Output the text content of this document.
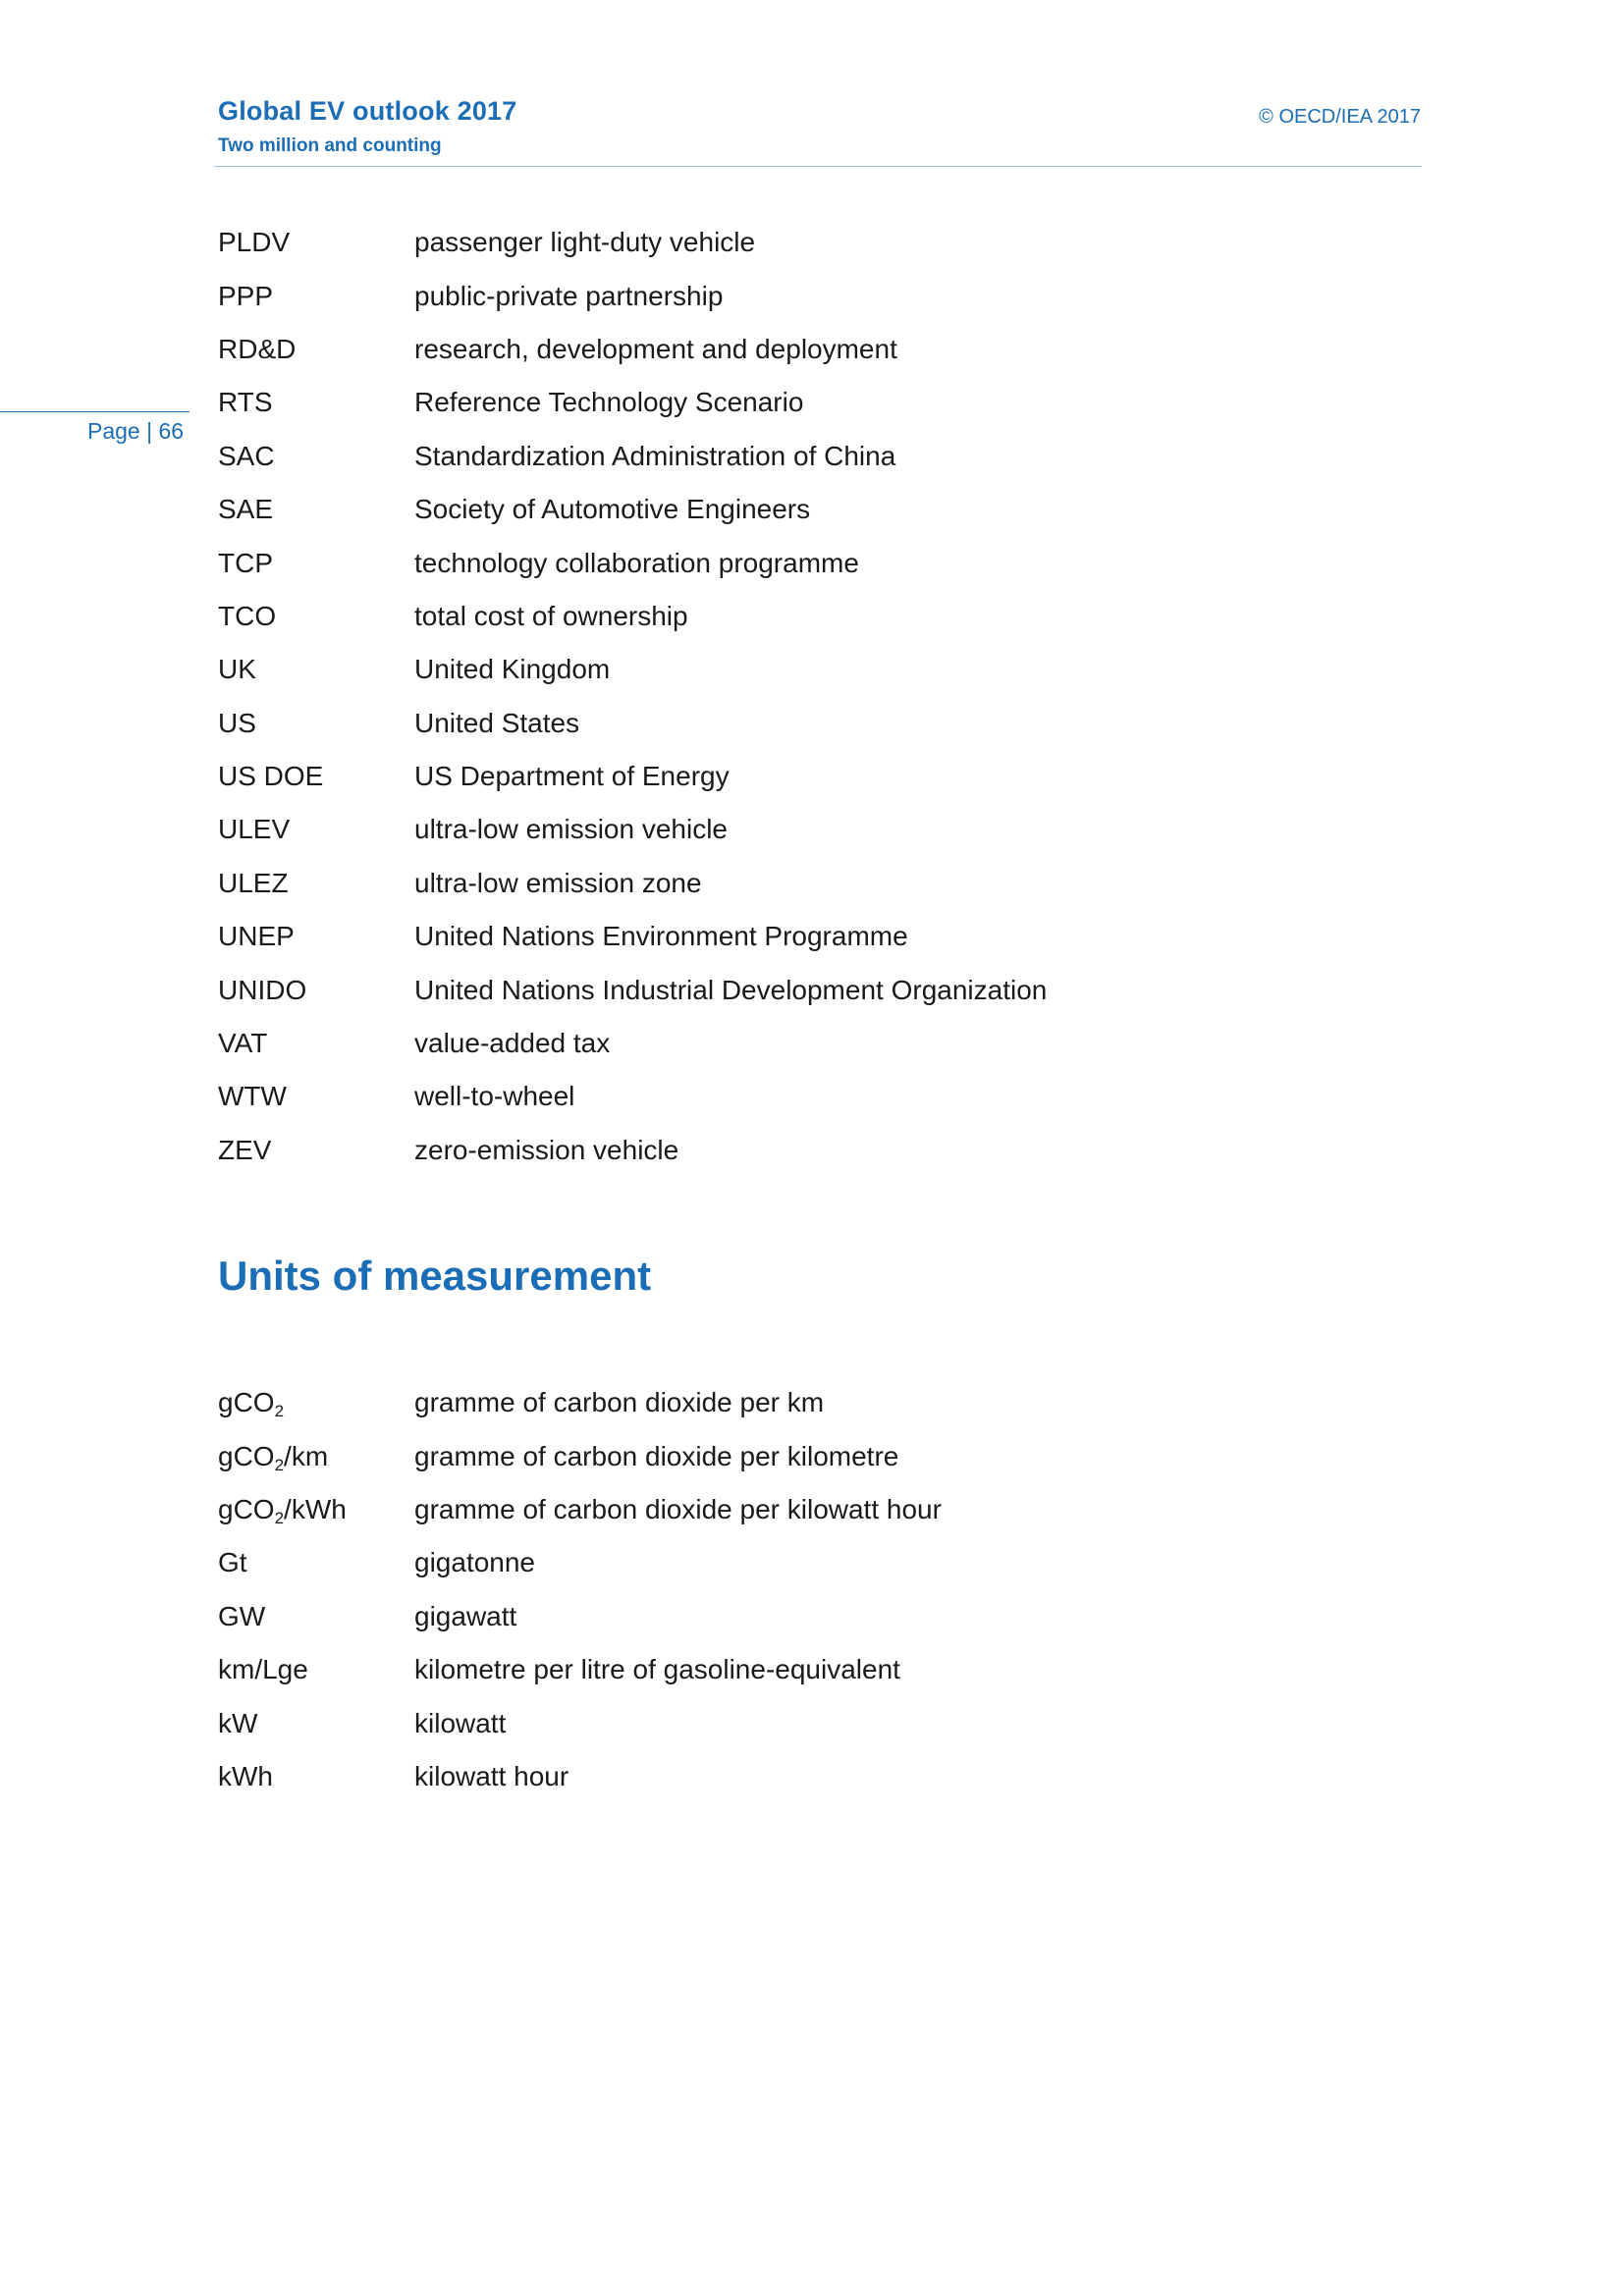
Global EV outlook 2017
Two million and counting
© OECD/IEA 2017
Page | 66
PLDV	passenger light-duty vehicle
PPP	public-private partnership
RD&D	research, development and deployment
RTS	Reference Technology Scenario
SAC	Standardization Administration of China
SAE	Society of Automotive Engineers
TCP	technology collaboration programme
TCO	total cost of ownership
UK	United Kingdom
US	United States
US DOE	US Department of Energy
ULEV	ultra-low emission vehicle
ULEZ	ultra-low emission zone
UNEP	United Nations Environment Programme
UNIDO	United Nations Industrial Development Organization
VAT	value-added tax
WTW	well-to-wheel
ZEV	zero-emission vehicle
Units of measurement
gCO$_2$	gramme of carbon dioxide per km
gCO$_2$/km	gramme of carbon dioxide per kilometre
gCO$_2$/kWh	gramme of carbon dioxide per kilowatt hour
Gt	gigatonne
GW	gigawatt
km/Lge	kilometre per litre of gasoline-equivalent
kW	kilowatt
kWh	kilowatt hour
